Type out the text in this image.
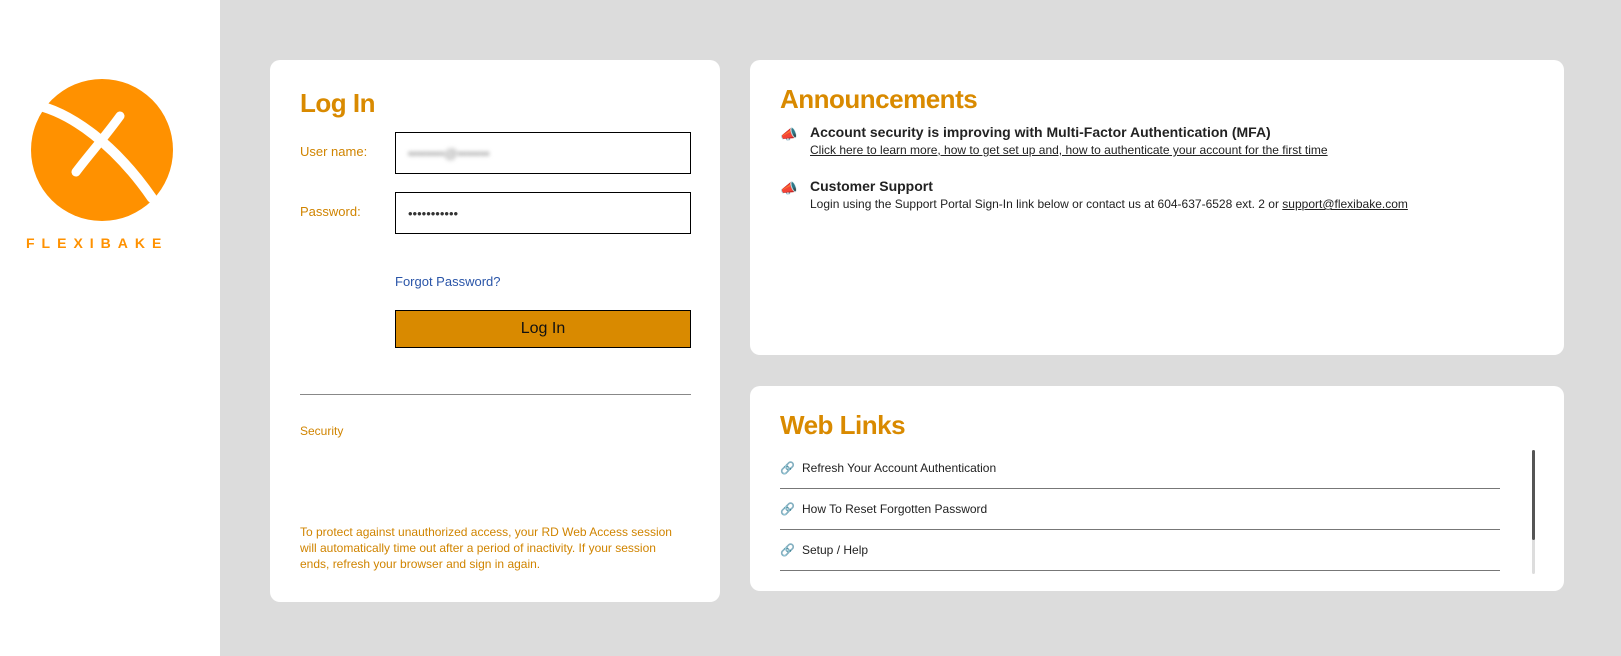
FLEXIBAKE
Log In
User name:	••••••••@•••••••
Password:	•••••••••••
Forgot Password?
Log In
Security
To protect against unauthorized access, your RD Web Access session will automatically time out after a period of inactivity. If your session ends, refresh your browser and sign in again.
Announcements
📣 Account security is improving with Multi-Factor Authentication (MFA)
Click here to learn more, how to get set up and, how to authenticate your account for the first time
📣 Customer Support
Login using the Support Portal Sign-In link below or contact us at 604-637-6528 ext. 2 or support@flexibake.com
Web Links
🔗 Refresh Your Account Authentication
🔗 How To Reset Forgotten Password
🔗 Setup / Help
